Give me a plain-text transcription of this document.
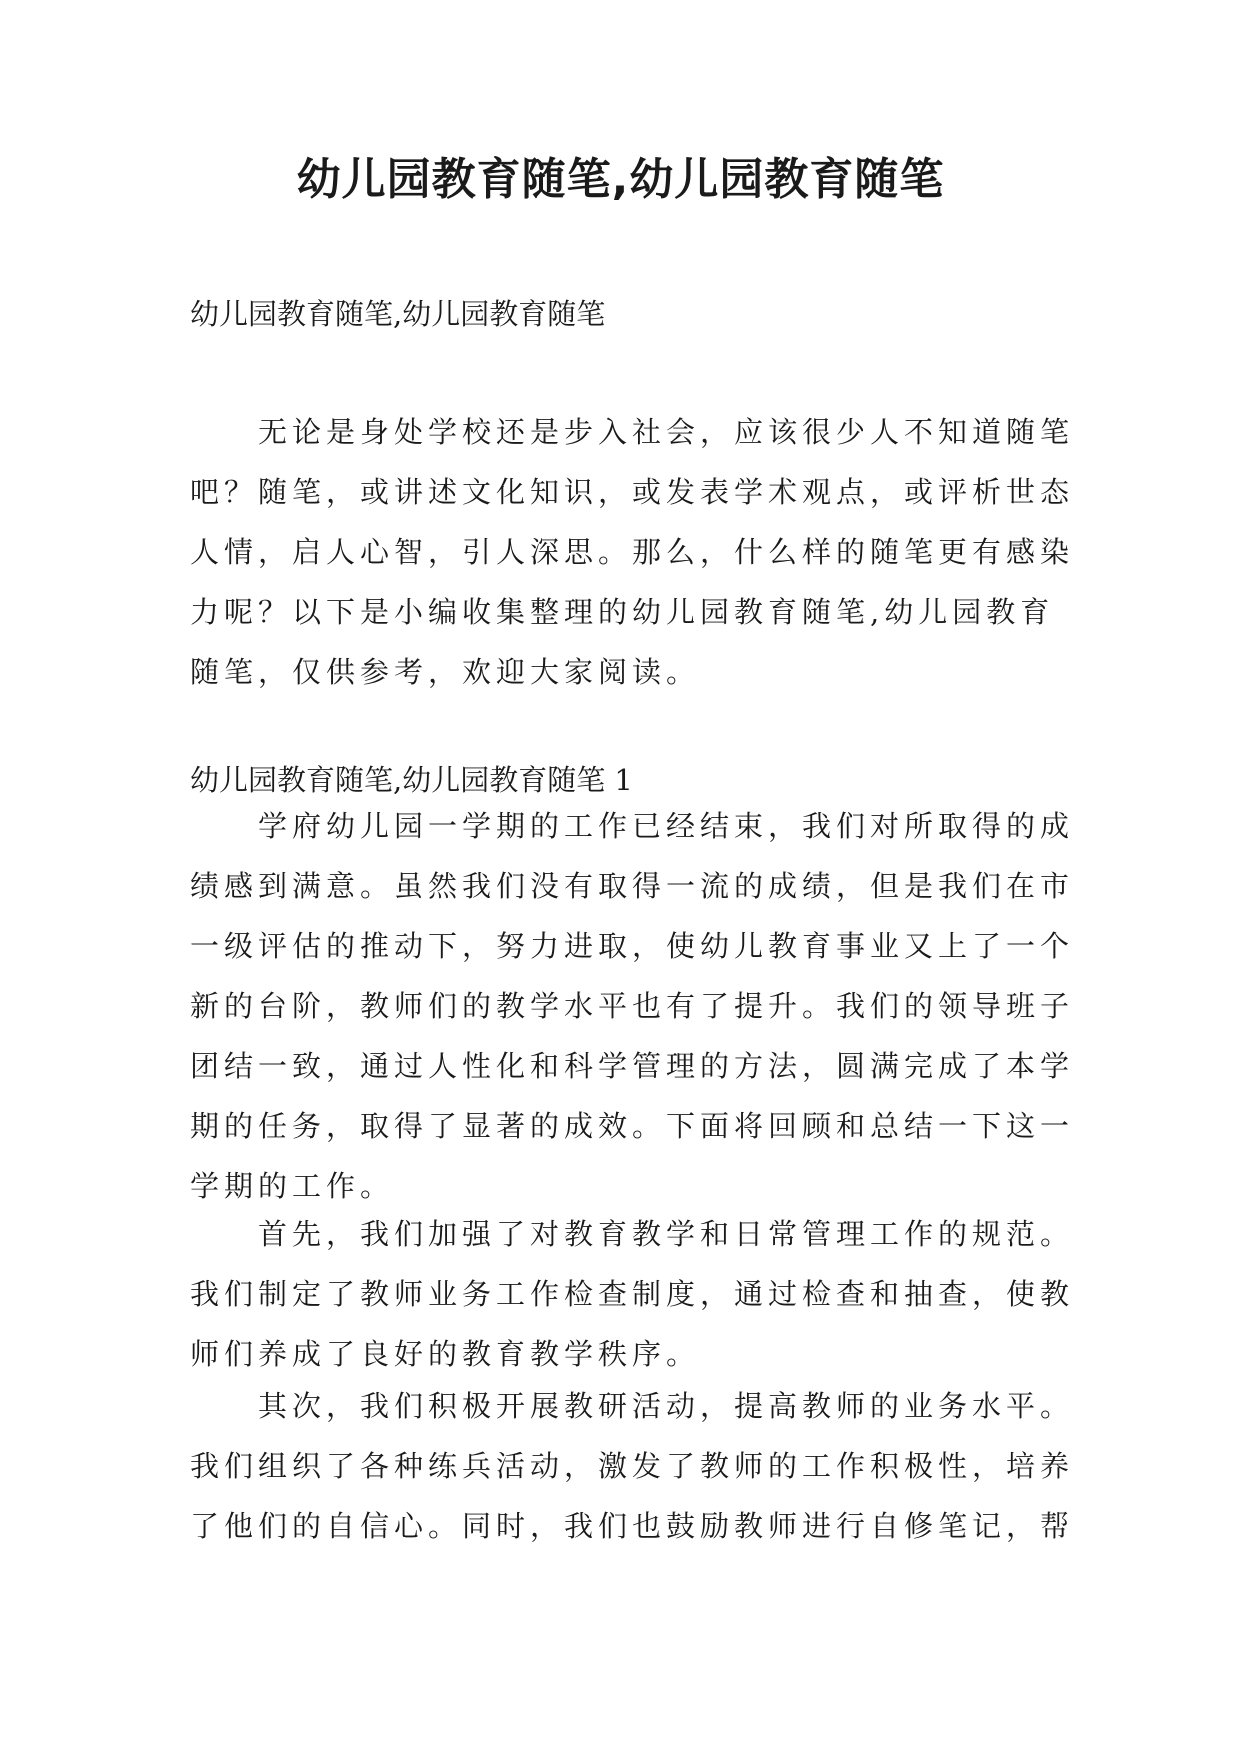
幼儿园教育随笔,幼儿园教育随笔
幼儿园教育随笔,幼儿园教育随笔
无论是身处学校还是步入社会，应该很少人不知道随笔
吧？随笔，或讲述文化知识，或发表学术观点，或评析世态
人情，启人心智，引人深思。那么，什么样的随笔更有感染
力呢？以下是小编收集整理的幼儿园教育随笔,幼儿园教育
随笔，仅供参考，欢迎大家阅读。
幼儿园教育随笔,幼儿园教育随笔 1
学府幼儿园一学期的工作已经结束，我们对所取得的成
绩感到满意。虽然我们没有取得一流的成绩，但是我们在市
一级评估的推动下，努力进取，使幼儿教育事业又上了一个
新的台阶，教师们的教学水平也有了提升。我们的领导班子
团结一致，通过人性化和科学管理的方法，圆满完成了本学
期的任务，取得了显著的成效。下面将回顾和总结一下这一
学期的工作。
首先，我们加强了对教育教学和日常管理工作的规范。
我们制定了教师业务工作检查制度，通过检查和抽查，使教
师们养成了良好的教育教学秩序。
其次，我们积极开展教研活动，提高教师的业务水平。
我们组织了各种练兵活动，激发了教师的工作积极性，培养
了他们的自信心。同时，我们也鼓励教师进行自修笔记，帮
